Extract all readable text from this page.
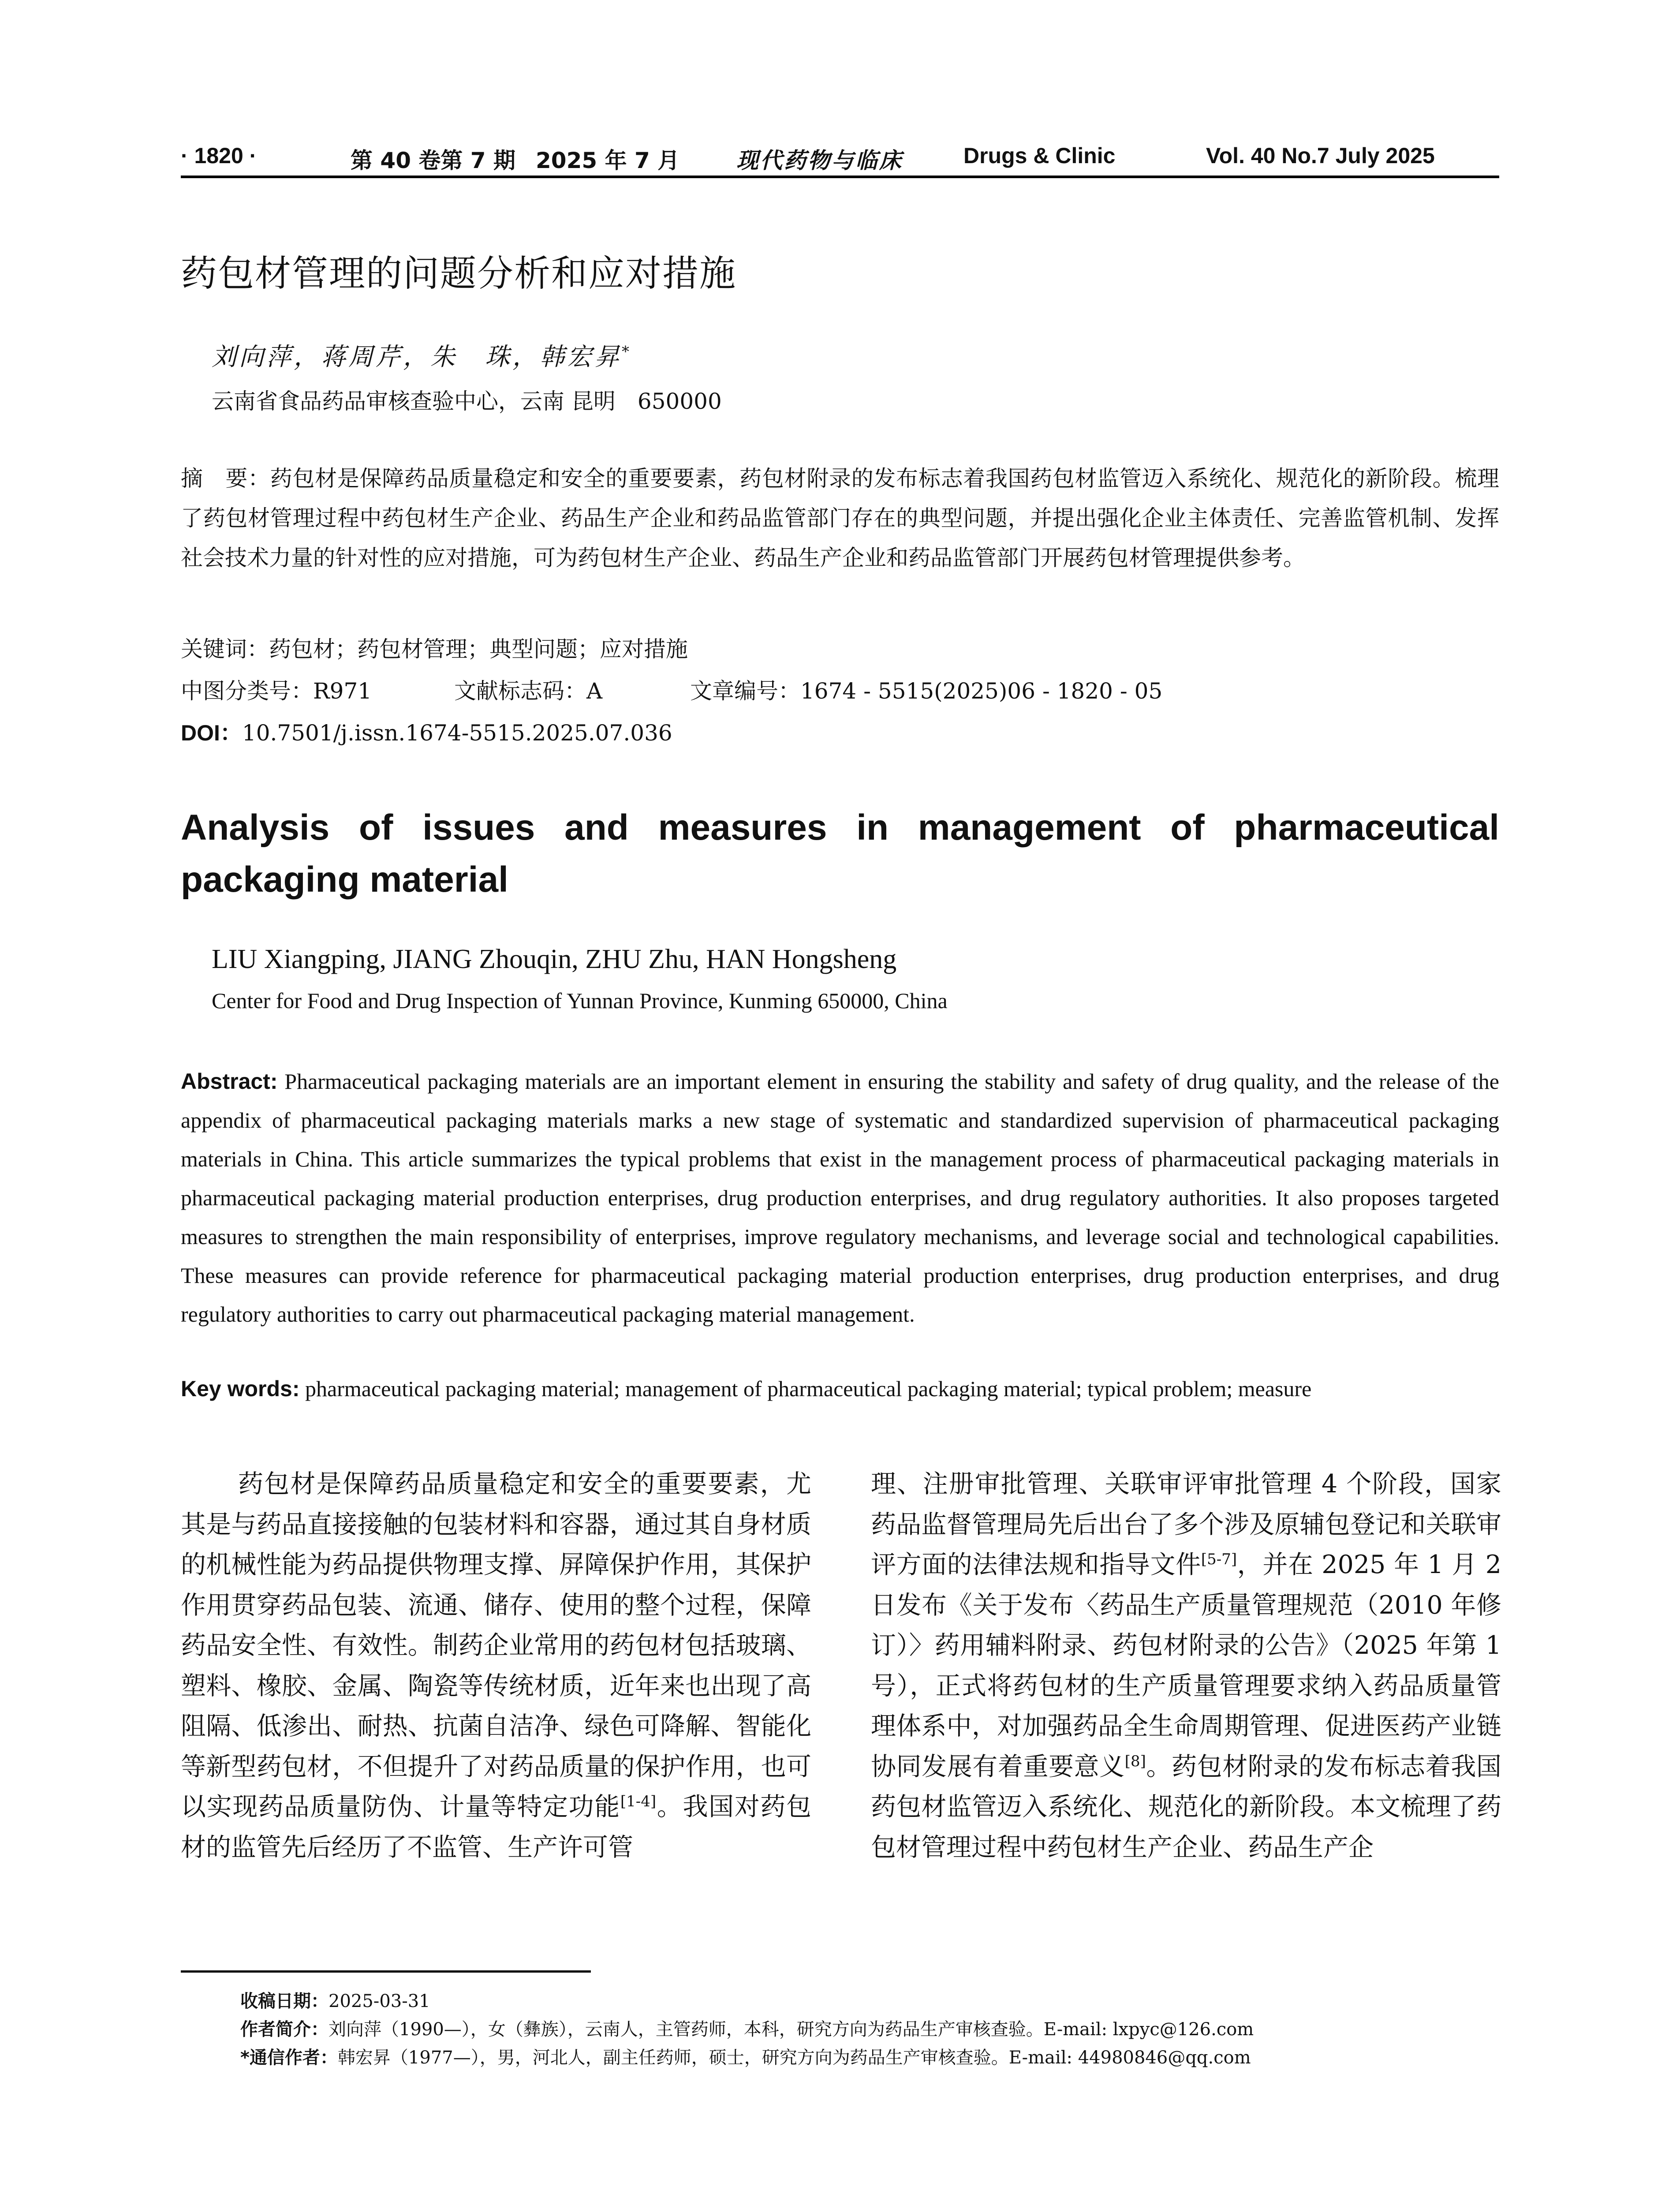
· 1820 ·	第 40 卷第 7 期 2025 年 7 月	现代药物与临床	Drugs & Clinic	Vol. 40 No.7 July 2025
药包材管理的问题分析和应对措施
刘向萍，蒋周芹，朱　珠，韩宏昇*
云南省食品药品审核查验中心，云南 昆明　650000

摘　要：药包材是保障药品质量稳定和安全的重要要素，药包材附录的发布标志着我国药包材监管迈入系统化、规范化的新阶段。梳理了药包材管理过程中药包材生产企业、药品生产企业和药品监管部门存在的典型问题，并提出强化企业主体责任、完善监管机制、发挥社会技术力量的针对性的应对措施，可为药包材生产企业、药品生产企业和药品监管部门开展药包材管理提供参考。

关键词：药包材；药包材管理；典型问题；应对措施
中图分类号：R971	文献标志码：A	文章编号：1674 - 5515(2025)06 - 1820 - 05
DOI：10.7501/j.issn.1674-5515.2025.07.036
Analysis of issues and measures in management of pharmaceutical packaging material
LIU Xiangping, JIANG Zhouqin, ZHU Zhu, HAN Hongsheng
Center for Food and Drug Inspection of Yunnan Province, Kunming 650000, China

Abstract: Pharmaceutical packaging materials are an important element in ensuring the stability and safety of drug quality, and the release of the appendix of pharmaceutical packaging materials marks a new stage of systematic and standardized supervision of pharmaceutical packaging materials in China. This article summarizes the typical problems that exist in the management process of pharmaceutical packaging materials in pharmaceutical packaging material production enterprises, drug production enterprises, and drug regulatory authorities. It also proposes targeted measures to strengthen the main responsibility of enterprises, improve regulatory mechanisms, and leverage social and technological capabilities. These measures can provide reference for pharmaceutical packaging material production enterprises, drug production enterprises, and drug regulatory authorities to carry out pharmaceutical packaging material management.

Key words: pharmaceutical packaging material; management of pharmaceutical packaging material; typical problem; measure

药包材是保障药品质量稳定和安全的重要要素，尤其是与药品直接接触的包装材料和容器，通过其自身材质的机械性能为药品提供物理支撑、屏障保护作用，其保护作用贯穿药品包装、流通、储存、使用的整个过程，保障药品安全性、有效性。制药企业常用的药包材包括玻璃、塑料、橡胶、金属、陶瓷等传统材质，近年来也出现了高阻隔、低渗出、耐热、抗菌自洁净、绿色可降解、智能化等新型药包材，不但提升了对药品质量的保护作用，也可以实现药品质量防伪、计量等特定功能[1-4]。我国对药包材的监管先后经历了不监管、生产许可管

理、注册审批管理、关联审评审批管理 4 个阶段，国家药品监督管理局先后出台了多个涉及原辅包登记和关联审评方面的法律法规和指导文件[5-7]，并在 2025 年 1 月 2 日发布《关于发布〈药品生产质量管理规范（2010 年修订）〉药用辅料附录、药包材附录的公告》（2025 年第 1 号），正式将药包材的生产质量管理要求纳入药品质量管理体系中，对加强药品全生命周期管理、促进医药产业链协同发展有着重要意义[8]。药包材附录的发布标志着我国药包材监管迈入系统化、规范化的新阶段。本文梳理了药包材管理过程中药包材生产企业、药品生产企

收稿日期：2025-03-31
作者简介：刘向萍（1990—），女（彝族），云南人，主管药师，本科，研究方向为药品生产审核查验。E-mail: lxpyc@126.com
*通信作者：韩宏昇（1977—），男，河北人，副主任药师，硕士，研究方向为药品生产审核查验。E-mail: 44980846@qq.com
